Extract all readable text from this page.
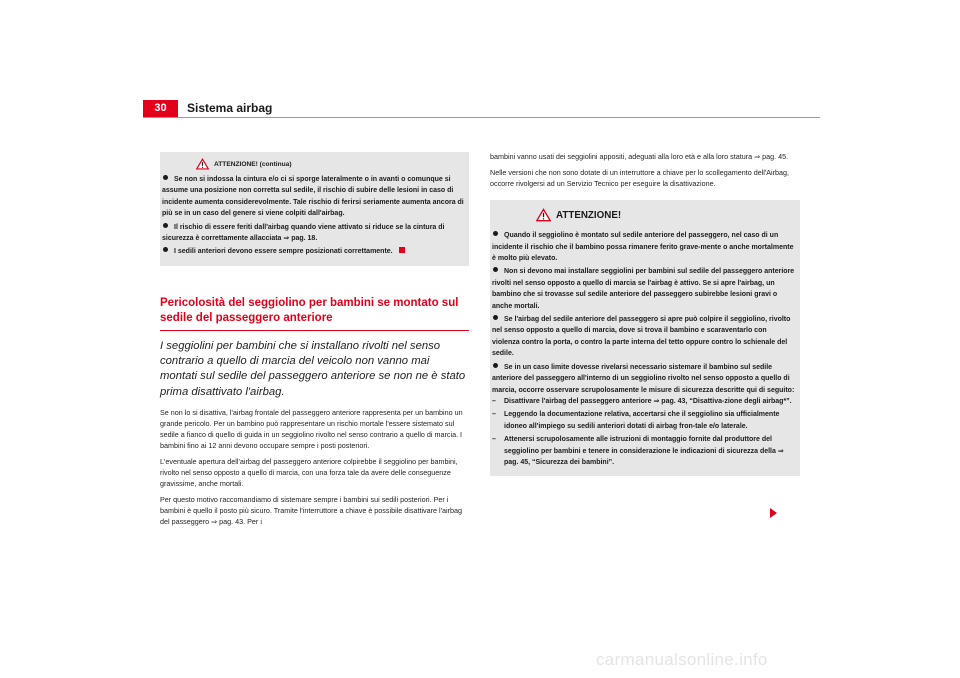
30	Sistema airbag
ATTENZIONE! (continua)
Se non si indossa la cintura e/o ci si sporge lateralmente o in avanti o comunque si assume una posizione non corretta sul sedile, il rischio di subire delle lesioni in caso di incidente aumenta considerevolmente. Tale rischio di ferirsi seriamente aumenta ancora di più se in un caso del genere si viene colpiti dall'airbag.
Il rischio di essere feriti dall'airbag quando viene attivato si riduce se la cintura di sicurezza è correttamente allacciata ⇒ pag. 18.
I sedili anteriori devono essere sempre posizionati correttamente.
Pericolosità del seggiolino per bambini se montato sul sedile del passeggero anteriore

I seggiolini per bambini che si installano rivolti nel senso contrario a quello di marcia del veicolo non vanno mai montati sul sedile del passeggero anteriore se non ne è stato prima disattivato l'airbag.

Se non lo si disattiva, l'airbag frontale del passeggero anteriore rappresenta per un bambino un grande pericolo. Per un bambino può rappresentare un rischio mortale l'essere sistemato sul sedile a fianco di quello di guida in un seggiolino rivolto nel senso contrario a quello di marcia. I bambini fino ai 12 anni devono occupare sempre i posti posteriori.

L'eventuale apertura dell'airbag del passeggero anteriore colpirebbe il seggiolino per bambini, rivolto nel senso opposto a quello di marcia, con una forza tale da avere delle conseguenze gravissime, anche mortali.

Per questo motivo raccomandiamo di sistemare sempre i bambini sui sedili posteriori. Per i bambini è quello il posto più sicuro. Tramite l'interruttore a chiave è possibile disattivare l'airbag del passeggero ⇒ pag. 43. Per i

bambini vanno usati dei seggiolini appositi, adeguati alla loro età e alla loro statura ⇒ pag. 45.

Nelle versioni che non sono dotate di un interruttore a chiave per lo scollegamento dell'Airbag, occorre rivolgersi ad un Servizio Tecnico per eseguire la disattivazione.

ATTENZIONE!
Quando il seggiolino è montato sul sedile anteriore del passeggero, nel caso di un incidente il rischio che il bambino possa rimanere ferito grave-mente o anche mortalmente è molto più elevato.
Non si devono mai installare seggiolini per bambini sul sedile del passeggero anteriore rivolti nel senso opposto a quello di marcia se l'airbag è attivo. Se si apre l'airbag, un bambino che si trovasse sul sedile anteriore del passeggero subirebbe lesioni gravi o anche mortali.
Se l'airbag del sedile anteriore del passeggero si apre può colpire il seggiolino, rivolto nel senso opposto a quello di marcia, dove si trova il bambino e scaraventarlo con violenza contro la porta, o contro la parte interna del tetto oppure contro lo schienale del sedile.
Se in un caso limite dovesse rivelarsi necessario sistemare il bambino sul sedile anteriore del passeggero all'interno di un seggiolino rivolto nel senso opposto a quello di marcia, occorre osservare scrupolosamente le misure di sicurezza descritte qui di seguito:
– Disattivare l'airbag del passeggero anteriore ⇒ pag. 43, “Disattiva-zione degli airbag*”.
– Leggendo la documentazione relativa, accertarsi che il seggiolino sia ufficialmente idoneo all'impiego su sedili anteriori dotati di airbag fron-tale e/o laterale.
– Attenersi scrupolosamente alle istruzioni di montaggio fornite dal produttore del seggiolino per bambini e tenere in considerazione le indicazioni di sicurezza della ⇒ pag. 45, “Sicurezza dei bambini”.
carmanualsonline.info
